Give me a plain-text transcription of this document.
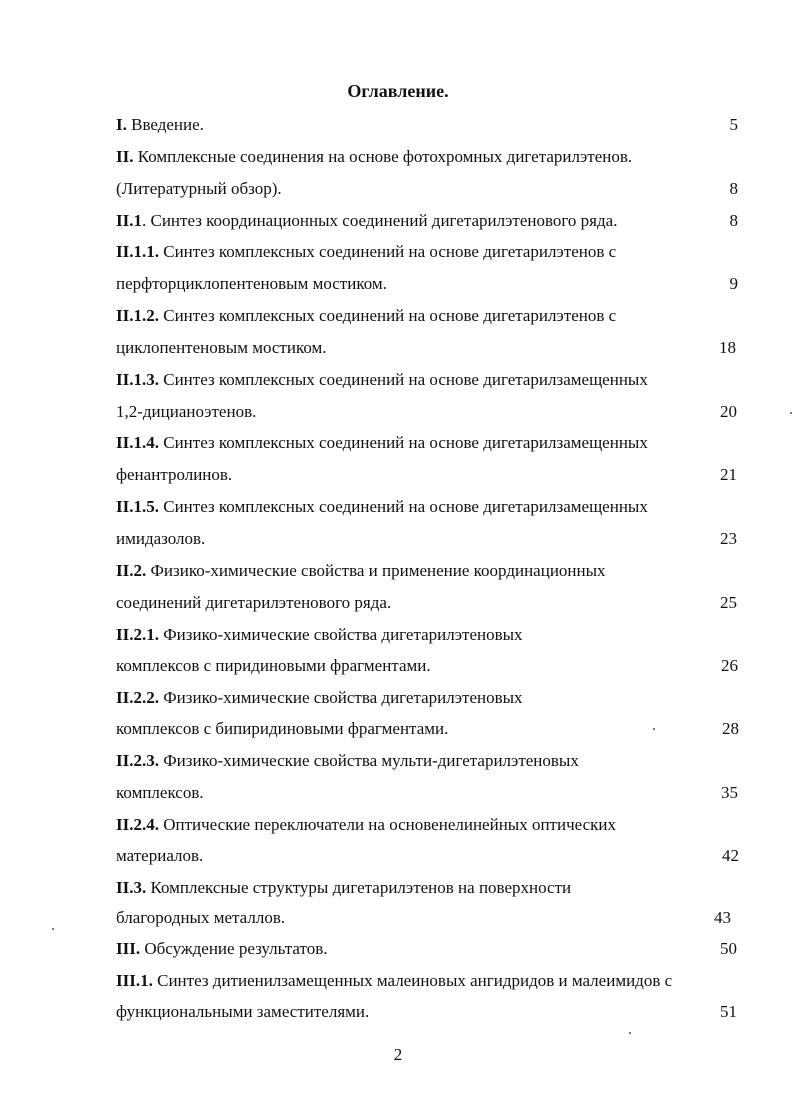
Оглавление.
I. Введение.	5
II. Комплексные соединения на основе фотохромных дигетарилэтенов.
(Литературный обзор).	8
II.1. Синтез координационных соединений дигетарилэтенового ряда.	8
II.1.1. Синтез комплексных соединений на основе дигетарилэтенов с
перфторциклопентеновым мостиком.	9
II.1.2. Синтез комплексных соединений на основе дигетарилэтенов с
циклопентеновым мостиком.	18
II.1.3. Синтез комплексных соединений на основе дигетарилзамещенных
1,2-дицианоэтенов.	20
II.1.4. Синтез комплексных соединений на основе дигетарилзамещенных
фенантролинов.	21
II.1.5. Синтез комплексных соединений на основе дигетарилзамещенных
имидазолов.	23
II.2. Физико-химические свойства и применение координационных
соединений дигетарилэтенового ряда.	25
II.2.1. Физико-химические свойства дигетарилэтеновых
комплексов с пиридиновыми фрагментами.	26
II.2.2. Физико-химические свойства дигетарилэтеновых
комплексов с бипиридиновыми фрагментами.	28
II.2.3. Физико-химические свойства мульти-дигетарилэтеновых
комплексов.	35
II.2.4. Оптические переключатели на основенелинейных оптических
материалов.	42
II.3. Комплексные структуры дигетарилэтенов на поверхности
благородных металлов.	43
III. Обсуждение результатов.	50
III.1. Синтез дитиенилзамещенных малеиновых ангидридов и малеимидов с
функциональными заместителями.	51
2
